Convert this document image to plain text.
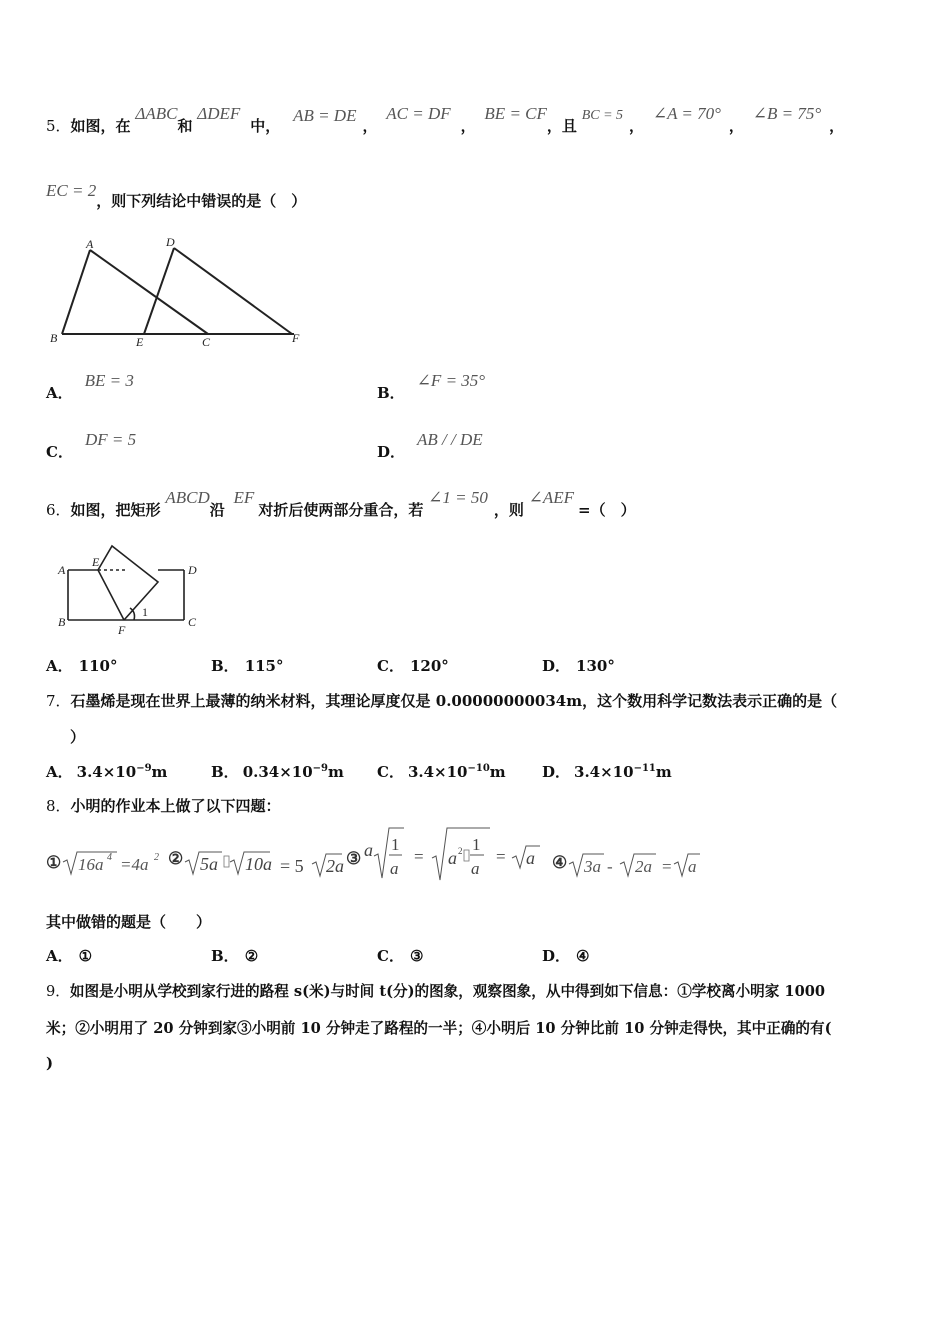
5．如图，在 ΔABC和 ΔDEF中， AB = DE， AC = DF， BE = CF，且 BC = 5， ∠A = 70°， ∠B = 75°，
EC = 2，则下列结论中错误的是（　）
A	D
B	E	C	F
A．BE = 3
B．∠F = 35°
C．DF = 5
D．AB / / DE
6．如图，把矩形 ABCD沿 EF对折后使两部分重合，若 ∠1 = 50，则 ∠AEF=（　）
A
E
D
B
F
C
1
A． 110°	B． 115°	C． 120°	D． 130°
7．石墨烯是现在世界上最薄的纳米材料，其理论厚度仅是 0.00000000034m，这个数用科学记数法表示正确的是（
）
A． $3.4\times 10^{-9}m$	B． $0.34\times 10^{-9}m$ C． $3.4\times 10^{-10}m$ D． $3.4\times 10^{-11}m$
8．小明的作业本上做了以下四题：
① 16a 4 =4a 2 ② 5a 10a = 5 2a ③ a 1
a
= a 2 1
a
= a ④ 3a - 2a = a
其中做错的题是（　　）
A． ①	B． ②	C． ③	D． ④
9．如图是小明从学校到家行进的路程 s(米)与时间 t(分)的图象，观察图象，从中得到如下信息：①学校离小明家 1000
米；②小明用了 20 分钟到家③小明前 10 分钟走了路程的一半；④小明后 10 分钟比前 10 分钟走得快，其中正确的有(
)
